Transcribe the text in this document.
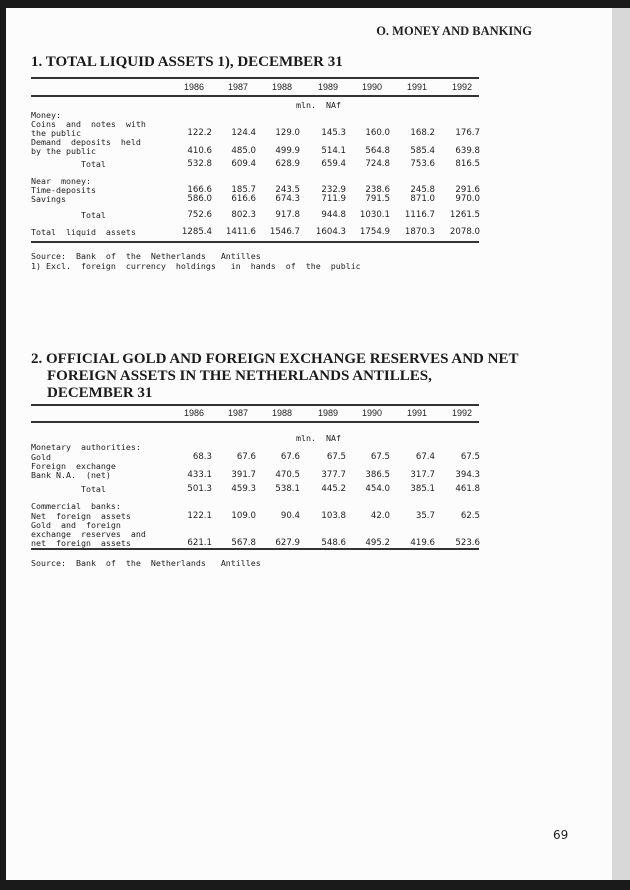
O. MONEY AND BANKING
1. TOTAL LIQUID ASSETS 1), DECEMBER 31
1986	1987	1988	1989	1990	1991	1992
mln.  NAf
Money:
Coins  and  notes  with
the public	122.2	124.4	129.0	145.3	160.0	168.2	176.7
Demand  deposits  held
by the public	410.6	485.0	499.9	514.1	564.8	585.4	639.8
Total	532.8	609.4	628.9	659.4	724.8	753.6	816.5
Near  money:
Time-deposits	166.6	185.7	243.5	232.9	238.6	245.8	291.6
Savings	586.0	616.6	674.3	711.9	791.5	871.0	970.0
Total	752.6	802.3	917.8	944.8	1030.1	1116.7	1261.5
Total  liquid  assets	1285.4	1411.6	1546.7	1604.3	1754.9	1870.3	2078.0
Source:  Bank  of  the  Netherlands   Antilles
1) Excl.  foreign  currency  holdings   in  hands  of  the  public
2. OFFICIAL GOLD AND FOREIGN EXCHANGE RESERVES AND NET
FOREIGN ASSETS IN THE NETHERLANDS ANTILLES,
DECEMBER 31
1986	1987	1988	1989	1990	1991	1992
mln.  NAf
Monetary  authorities:
Gold	68.3	67.6	67.6	67.5	67.5	67.4	67.5
Foreign  exchange
Bank N.A.  (net)	433.1	391.7	470.5	377.7	386.5	317.7	394.3
Total	501.3	459.3	538.1	445.2	454.0	385.1	461.8
Commercial  banks:
Net  foreign  assets	122.1	109.0	90.4	103.8	42.0	35.7	62.5
Gold  and  foreign
exchange  reserves  and
net  foreign  assets	621.1	567.8	627.9	548.6	495.2	419.6	523.6
Source:  Bank  of  the  Netherlands   Antilles
69
